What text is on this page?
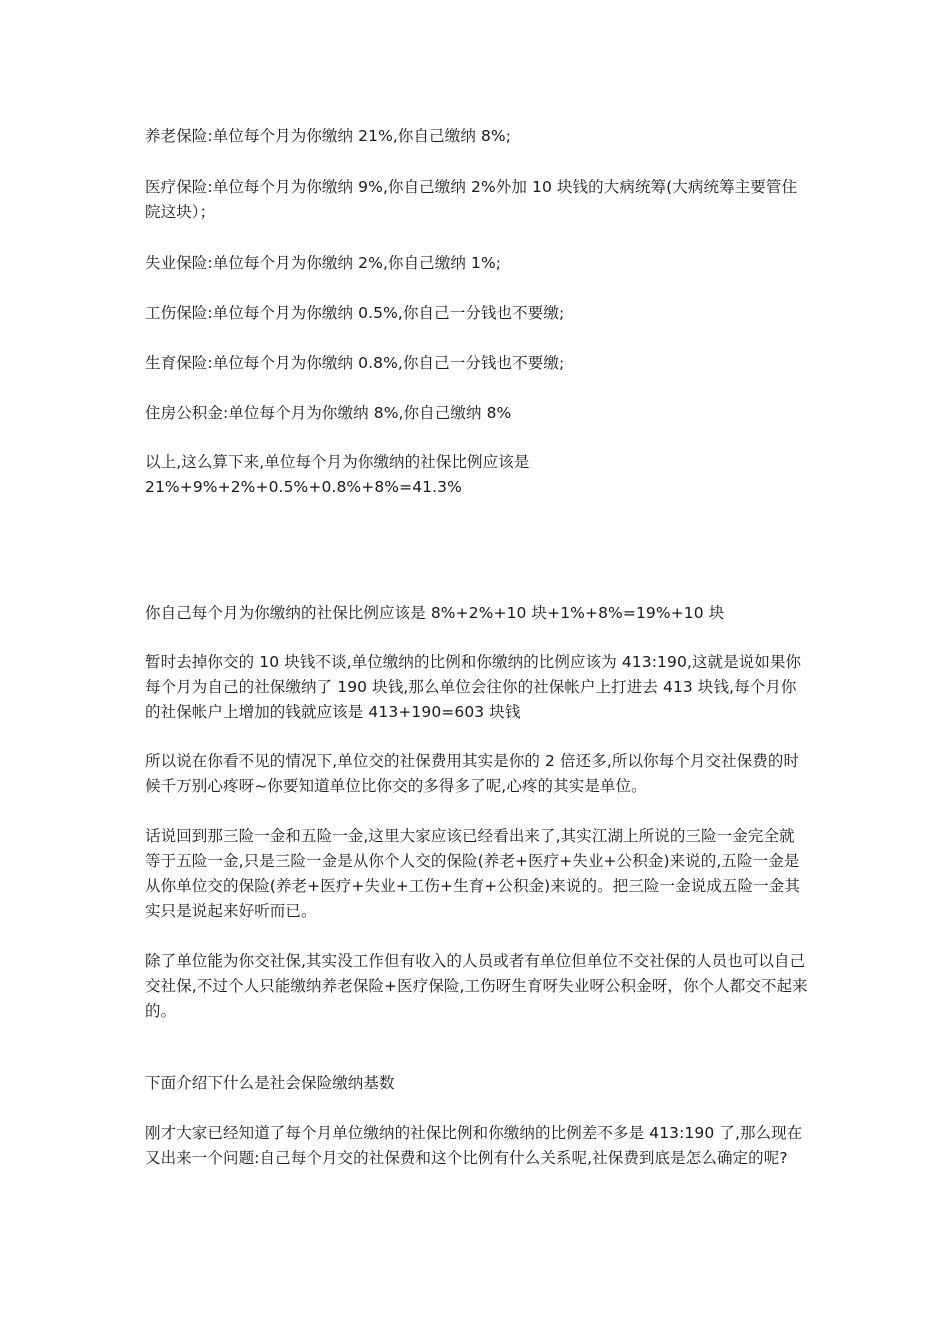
养老保险:单位每个月为你缴纳 21%,你自己缴纳 8%;

医疗保险:单位每个月为你缴纳 9%,你自己缴纳 2%外加 10 块钱的大病统筹(大病统筹主要管住院这块）；

失业保险:单位每个月为你缴纳 2%,你自己缴纳 1%;

工伤保险:单位每个月为你缴纳 0.5%,你自己一分钱也不要缴;

生育保险:单位每个月为你缴纳 0.8%,你自己一分钱也不要缴;

住房公积金:单位每个月为你缴纳 8%,你自己缴纳 8%

以上,这么算下来,单位每个月为你缴纳的社保比例应该是 21%+9%+2%+0.5%+0.8%+8%=41.3%

你自己每个月为你缴纳的社保比例应该是 8%+2%+10 块+1%+8%=19%+10 块

暂时去掉你交的 10 块钱不谈,单位缴纳的比例和你缴纳的比例应该为 413:190,这就是说如果你每个月为自己的社保缴纳了 190 块钱,那么单位会往你的社保帐户上打进去 413 块钱,每个月你的社保帐户上增加的钱就应该是 413+190=603 块钱

所以说在你看不见的情况下,单位交的社保费用其实是你的 2 倍还多,所以你每个月交社保费的时候千万别心疼呀~你要知道单位比你交的多得多了呢,心疼的其实是单位。

话说回到那三险一金和五险一金,这里大家应该已经看出来了,其实江湖上所说的三险一金完全就等于五险一金,只是三险一金是从你个人交的保险(养老+医疗+失业+公积金)来说的,五险一金是从你单位交的保险(养老+医疗+失业+工伤+生育+公积金)来说的。把三险一金说成五险一金其实只是说起来好听而已。

除了单位能为你交社保,其实没工作但有收入的人员或者有单位但单位不交社保的人员也可以自己交社保,不过个人只能缴纳养老保险+医疗保险,工伤呀生育呀失业呀公积金呀，你个人都交不起来的。

下面介绍下什么是社会保险缴纳基数

刚才大家已经知道了每个月单位缴纳的社保比例和你缴纳的比例差不多是 413:190 了,那么现在又出来一个问题:自己每个月交的社保费和这个比例有什么关系呢,社保费到底是怎么确定的呢?
